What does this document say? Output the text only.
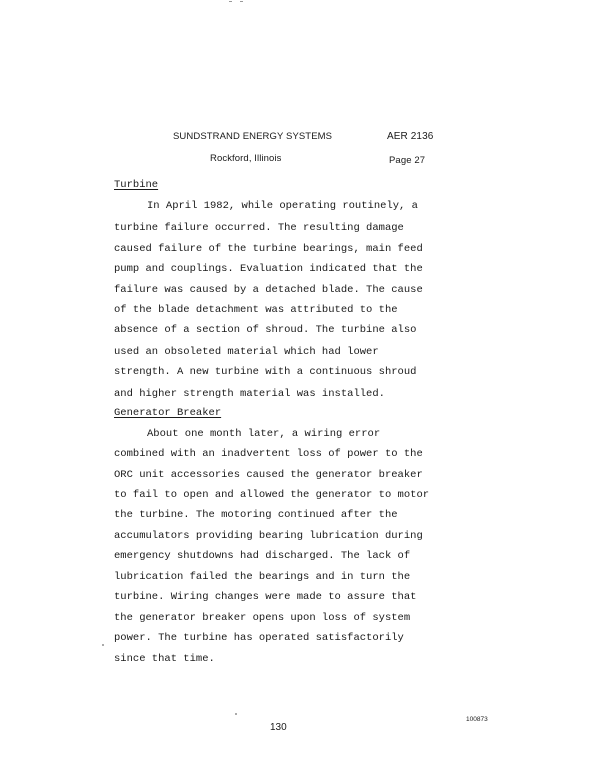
SUNDSTRAND ENERGY SYSTEMS	AER 2136
Rockford, Illinois	Page 27
Turbine
In April 1982, while operating routinely, a
turbine failure occurred. The resulting damage
caused failure of the turbine bearings, main feed
pump and couplings. Evaluation indicated that the
failure was caused by a detached blade. The cause
of the blade detachment was attributed to the
absence of a section of shroud. The turbine also
used an obsoleted material which had lower
strength. A new turbine with a continuous shroud
and higher strength material was installed.
Generator Breaker
About one month later, a wiring error
combined with an inadvertent loss of power to the
ORC unit accessories caused the generator breaker
to fail to open and allowed the generator to motor
the turbine. The motoring continued after the
accumulators providing bearing lubrication during
emergency shutdowns had discharged. The lack of
lubrication failed the bearings and in turn the
turbine. Wiring changes were made to assure that
the generator breaker opens upon loss of system
power. The turbine has operated satisfactorily
since that time.
130
100873
